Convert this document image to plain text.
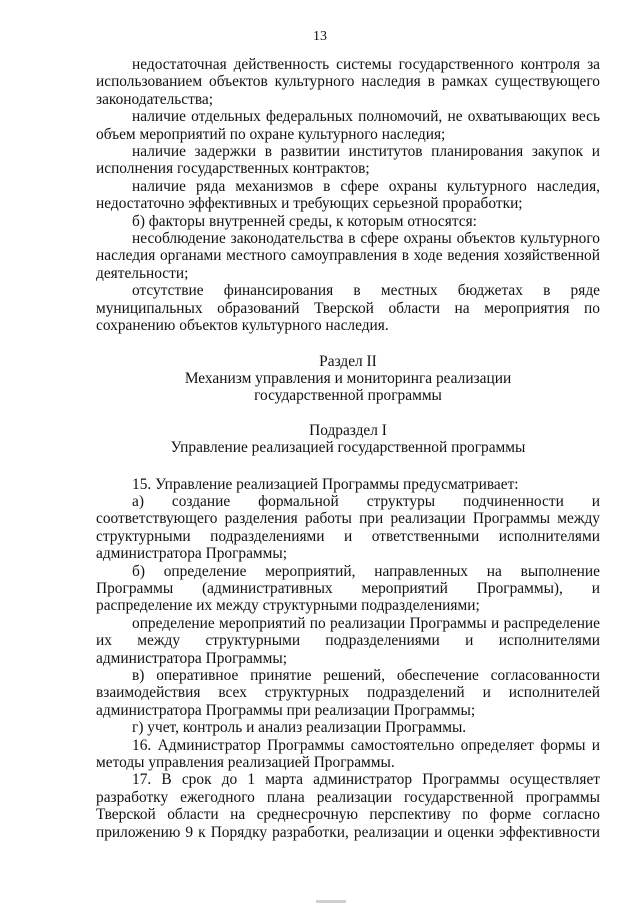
13

недостаточная действенность системы государственного контроля за использованием объектов культурного наследия в рамках существующего законодательства;

наличие отдельных федеральных полномочий, не охватывающих весь объем мероприятий по охране культурного наследия;

наличие задержки в развитии институтов планирования закупок и исполнения государственных контрактов;

наличие ряда механизмов в сфере охраны культурного наследия, недостаточно эффективных и требующих серьезной проработки;

б) факторы внутренней среды, к которым относятся:

несоблюдение законодательства в сфере охраны объектов культурного наследия органами местного самоуправления в ходе ведения хозяйственной деятельности;

отсутствие финансирования в местных бюджетах в ряде муниципальных образований Тверской области на мероприятия по сохранению объектов культурного наследия.

Раздел II

Механизм управления и мониторинга реализации

государственной программы

Подраздел I

Управление реализацией государственной программы

15. Управление реализацией Программы предусматривает:

а) создание формальной структуры подчиненности и соответствующего разделения работы при реализации Программы между структурными подразделениями и ответственными исполнителями администратора Программы;

б) определение мероприятий, направленных на выполнение Программы (административных мероприятий Программы), и распределение их между структурными подразделениями;

определение мероприятий по реализации Программы и распределение их между структурными подразделениями и исполнителями администратора Программы;

в) оперативное принятие решений, обеспечение согласованности взаимодействия всех структурных подразделений и исполнителей администратора Программы при реализации Программы;

г) учет, контроль и анализ реализации Программы.

16. Администратор Программы самостоятельно определяет формы и методы управления реализацией Программы.

17. В срок до 1 марта администратор Программы осуществляет разработку ежегодного плана реализации государственной программы Тверской области на среднесрочную перспективу по форме согласно приложению 9 к Порядку разработки, реализации и оценки эффективности
